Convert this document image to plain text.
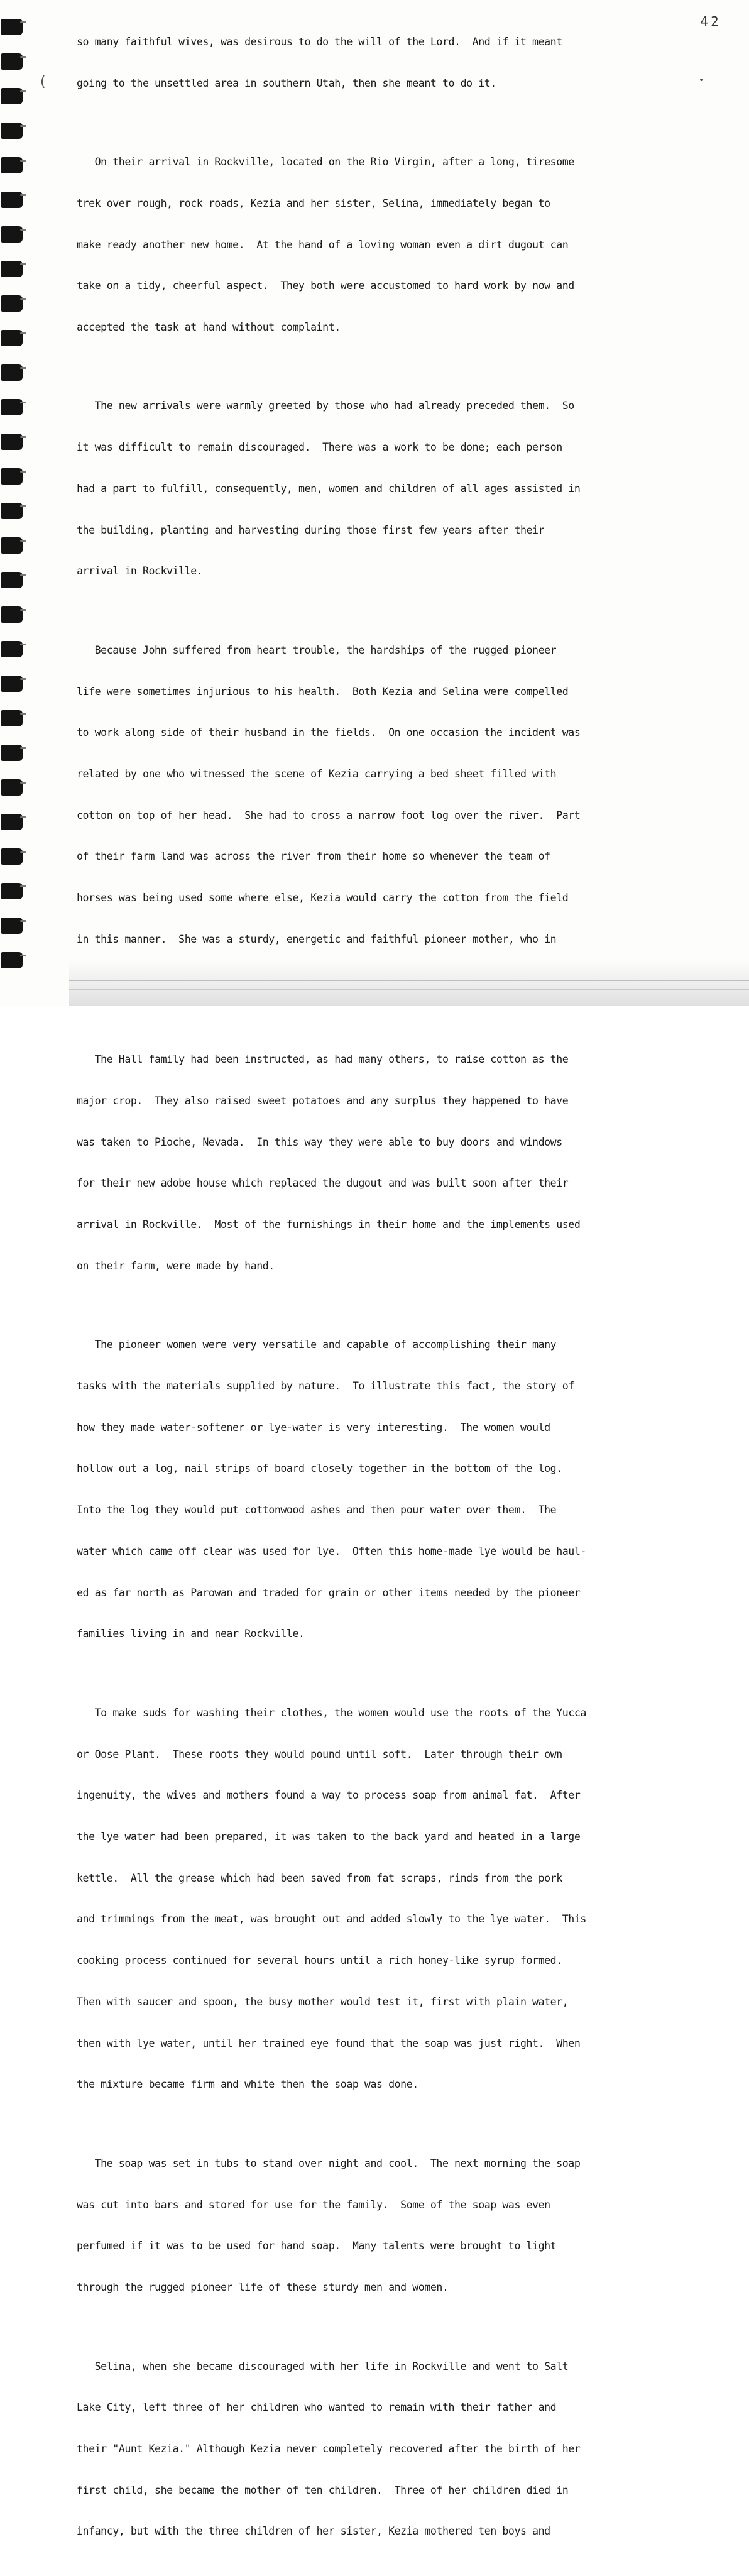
42
(	•

so many faithful wives, was desirous to do the will of the Lord.  And if it meant

going to the unsettled area in southern Utah, then she meant to do it.

On their arrival in Rockville, located on the Rio Virgin, after a long, tiresome

trek over rough, rock roads, Kezia and her sister, Selina, immediately began to

make ready another new home.  At the hand of a loving woman even a dirt dugout can

take on a tidy, cheerful aspect.  They both were accustomed to hard work by now and

accepted the task at hand without complaint.

The new arrivals were warmly greeted by those who had already preceded them.  So

it was difficult to remain discouraged.  There was a work to be done; each person

had a part to fulfill, consequently, men, women and children of all ages assisted in

the building, planting and harvesting during those first few years after their

arrival in Rockville.

Because John suffered from heart trouble, the hardships of the rugged pioneer

life were sometimes injurious to his health.  Both Kezia and Selina were compelled

to work along side of their husband in the fields.  On one occasion the incident was

related by one who witnessed the scene of Kezia carrying a bed sheet filled with

cotton on top of her head.  She had to cross a narrow foot log over the river.  Part

of their farm land was across the river from their home so whenever the team of

horses was being used some where else, Kezia would carry the cotton from the field

in this manner.  She was a sturdy, energetic and faithful pioneer mother, who in

The Hall family had been instructed, as had many others, to raise cotton as the

major crop.  They also raised sweet potatoes and any surplus they happened to have

was taken to Pioche, Nevada.  In this way they were able to buy doors and windows

for their new adobe house which replaced the dugout and was built soon after their

arrival in Rockville.  Most of the furnishings in their home and the implements used

on their farm, were made by hand.

The pioneer women were very versatile and capable of accomplishing their many

tasks with the materials supplied by nature.  To illustrate this fact, the story of

how they made water-softener or lye-water is very interesting.  The women would

hollow out a log, nail strips of board closely together in the bottom of the log.

Into the log they would put cottonwood ashes and then pour water over them.  The

water which came off clear was used for lye.  Often this home-made lye would be haul-

ed as far north as Parowan and traded for grain or other items needed by the pioneer

families living in and near Rockville.

To make suds for washing their clothes, the women would use the roots of the Yucca

or Oose Plant.  These roots they would pound until soft.  Later through their own

ingenuity, the wives and mothers found a way to process soap from animal fat.  After

the lye water had been prepared, it was taken to the back yard and heated in a large

kettle.  All the grease which had been saved from fat scraps, rinds from the pork

and trimmings from the meat, was brought out and added slowly to the lye water.  This

cooking process continued for several hours until a rich honey-like syrup formed.

Then with saucer and spoon, the busy mother would test it, first with plain water,

then with lye water, until her trained eye found that the soap was just right.  When

the mixture became firm and white then the soap was done.

The soap was set in tubs to stand over night and cool.  The next morning the soap

was cut into bars and stored for use for the family.  Some of the soap was even

perfumed if it was to be used for hand soap.  Many talents were brought to light

through the rugged pioneer life of these sturdy men and women.

Selina, when she became discouraged with her life in Rockville and went to Salt

Lake City, left three of her children who wanted to remain with their father and

their "Aunt Kezia." Although Kezia never completely recovered after the birth of her

first child, she became the mother of ten children.  Three of her children died in

infancy, but with the three children of her sister, Kezia mothered ten boys and
